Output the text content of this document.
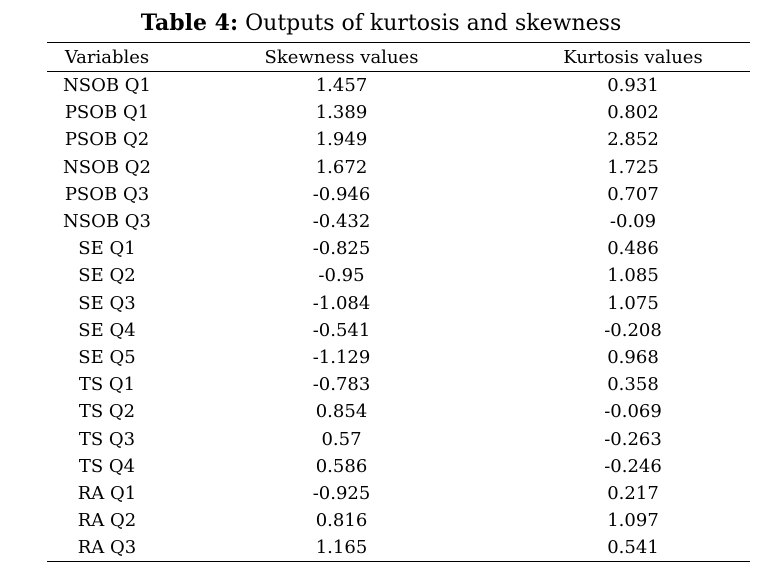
Table 4: Outputs of kurtosis and skewness
Variables	Skewness values	Kurtosis values
NSOB Q1	1.457	0.931
PSOB Q1	1.389	0.802
PSOB Q2	1.949	2.852
NSOB Q2	1.672	1.725
PSOB Q3	-0.946	0.707
NSOB Q3	-0.432	-0.09
SE Q1	-0.825	0.486
SE Q2	-0.95	1.085
SE Q3	-1.084	1.075
SE Q4	-0.541	-0.208
SE Q5	-1.129	0.968
TS Q1	-0.783	0.358
TS Q2	0.854	-0.069
TS Q3	0.57	-0.263
TS Q4	0.586	-0.246
RA Q1	-0.925	0.217
RA Q2	0.816	1.097
RA Q3	1.165	0.541
